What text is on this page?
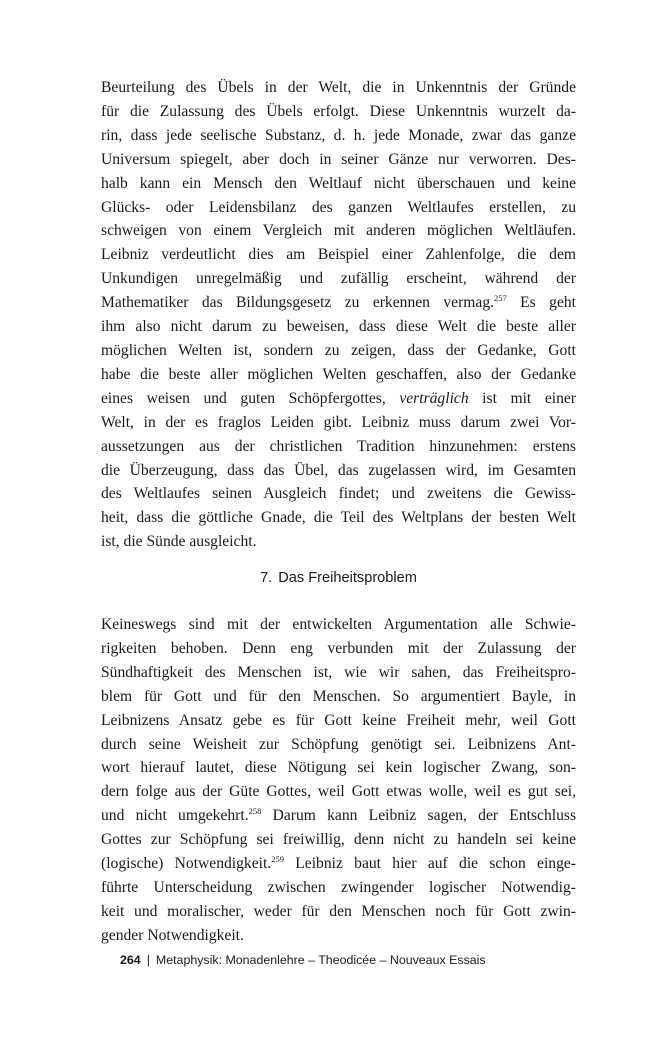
Beurteilung des Übels in der Welt, die in Unkenntnis der Gründe
für die Zulassung des Übels erfolgt. Diese Unkenntnis wurzelt da-
rin, dass jede seelische Substanz, d. h. jede Monade, zwar das ganze
Universum spiegelt, aber doch in seiner Gänze nur verworren. Des-
halb kann ein Mensch den Weltlauf nicht überschauen und keine
Glücks- oder Leidensbilanz des ganzen Weltlaufes erstellen, zu
schweigen von einem Vergleich mit anderen möglichen Weltläufen.
Leibniz verdeutlicht dies am Beispiel einer Zahlenfolge, die dem
Unkundigen unregelmäßig und zufällig erscheint, während der
Mathematiker das Bildungsgesetz zu erkennen vermag.$^{257}$ Es geht
ihm also nicht darum zu beweisen, dass diese Welt die beste aller
möglichen Welten ist, sondern zu zeigen, dass der Gedanke, Gott
habe die beste aller möglichen Welten geschaffen, also der Gedanke
eines weisen und guten Schöpfergottes, verträglich ist mit einer
Welt, in der es fraglos Leiden gibt. Leibniz muss darum zwei Vor-
aussetzungen aus der christlichen Tradition hinzunehmen: erstens
die Überzeugung, dass das Übel, das zugelassen wird, im Gesamten
des Weltlaufes seinen Ausgleich findet; und zweitens die Gewiss-
heit, dass die göttliche Gnade, die Teil des Weltplans der besten Welt
ist, die Sünde ausgleicht.
7. Das Freiheitsproblem
Keineswegs sind mit der entwickelten Argumentation alle Schwie-
rigkeiten behoben. Denn eng verbunden mit der Zulassung der
Sündhaftigkeit des Menschen ist, wie wir sahen, das Freiheitspro-
blem für Gott und für den Menschen. So argumentiert Bayle, in
Leibnizens Ansatz gebe es für Gott keine Freiheit mehr, weil Gott
durch seine Weisheit zur Schöpfung genötigt sei. Leibnizens Ant-
wort hierauf lautet, diese Nötigung sei kein logischer Zwang, son-
dern folge aus der Güte Gottes, weil Gott etwas wolle, weil es gut sei,
und nicht umgekehrt.$^{258}$ Darum kann Leibniz sagen, der Entschluss
Gottes zur Schöpfung sei freiwillig, denn nicht zu handeln sei keine
(logische) Notwendigkeit.$^{259}$ Leibniz baut hier auf die schon einge-
führte Unterscheidung zwischen zwingender logischer Notwendig-
keit und moralischer, weder für den Menschen noch für Gott zwin-
gender Notwendigkeit.
264 | Metaphysik: Monadenlehre – Theodicée – Nouveaux Essais
